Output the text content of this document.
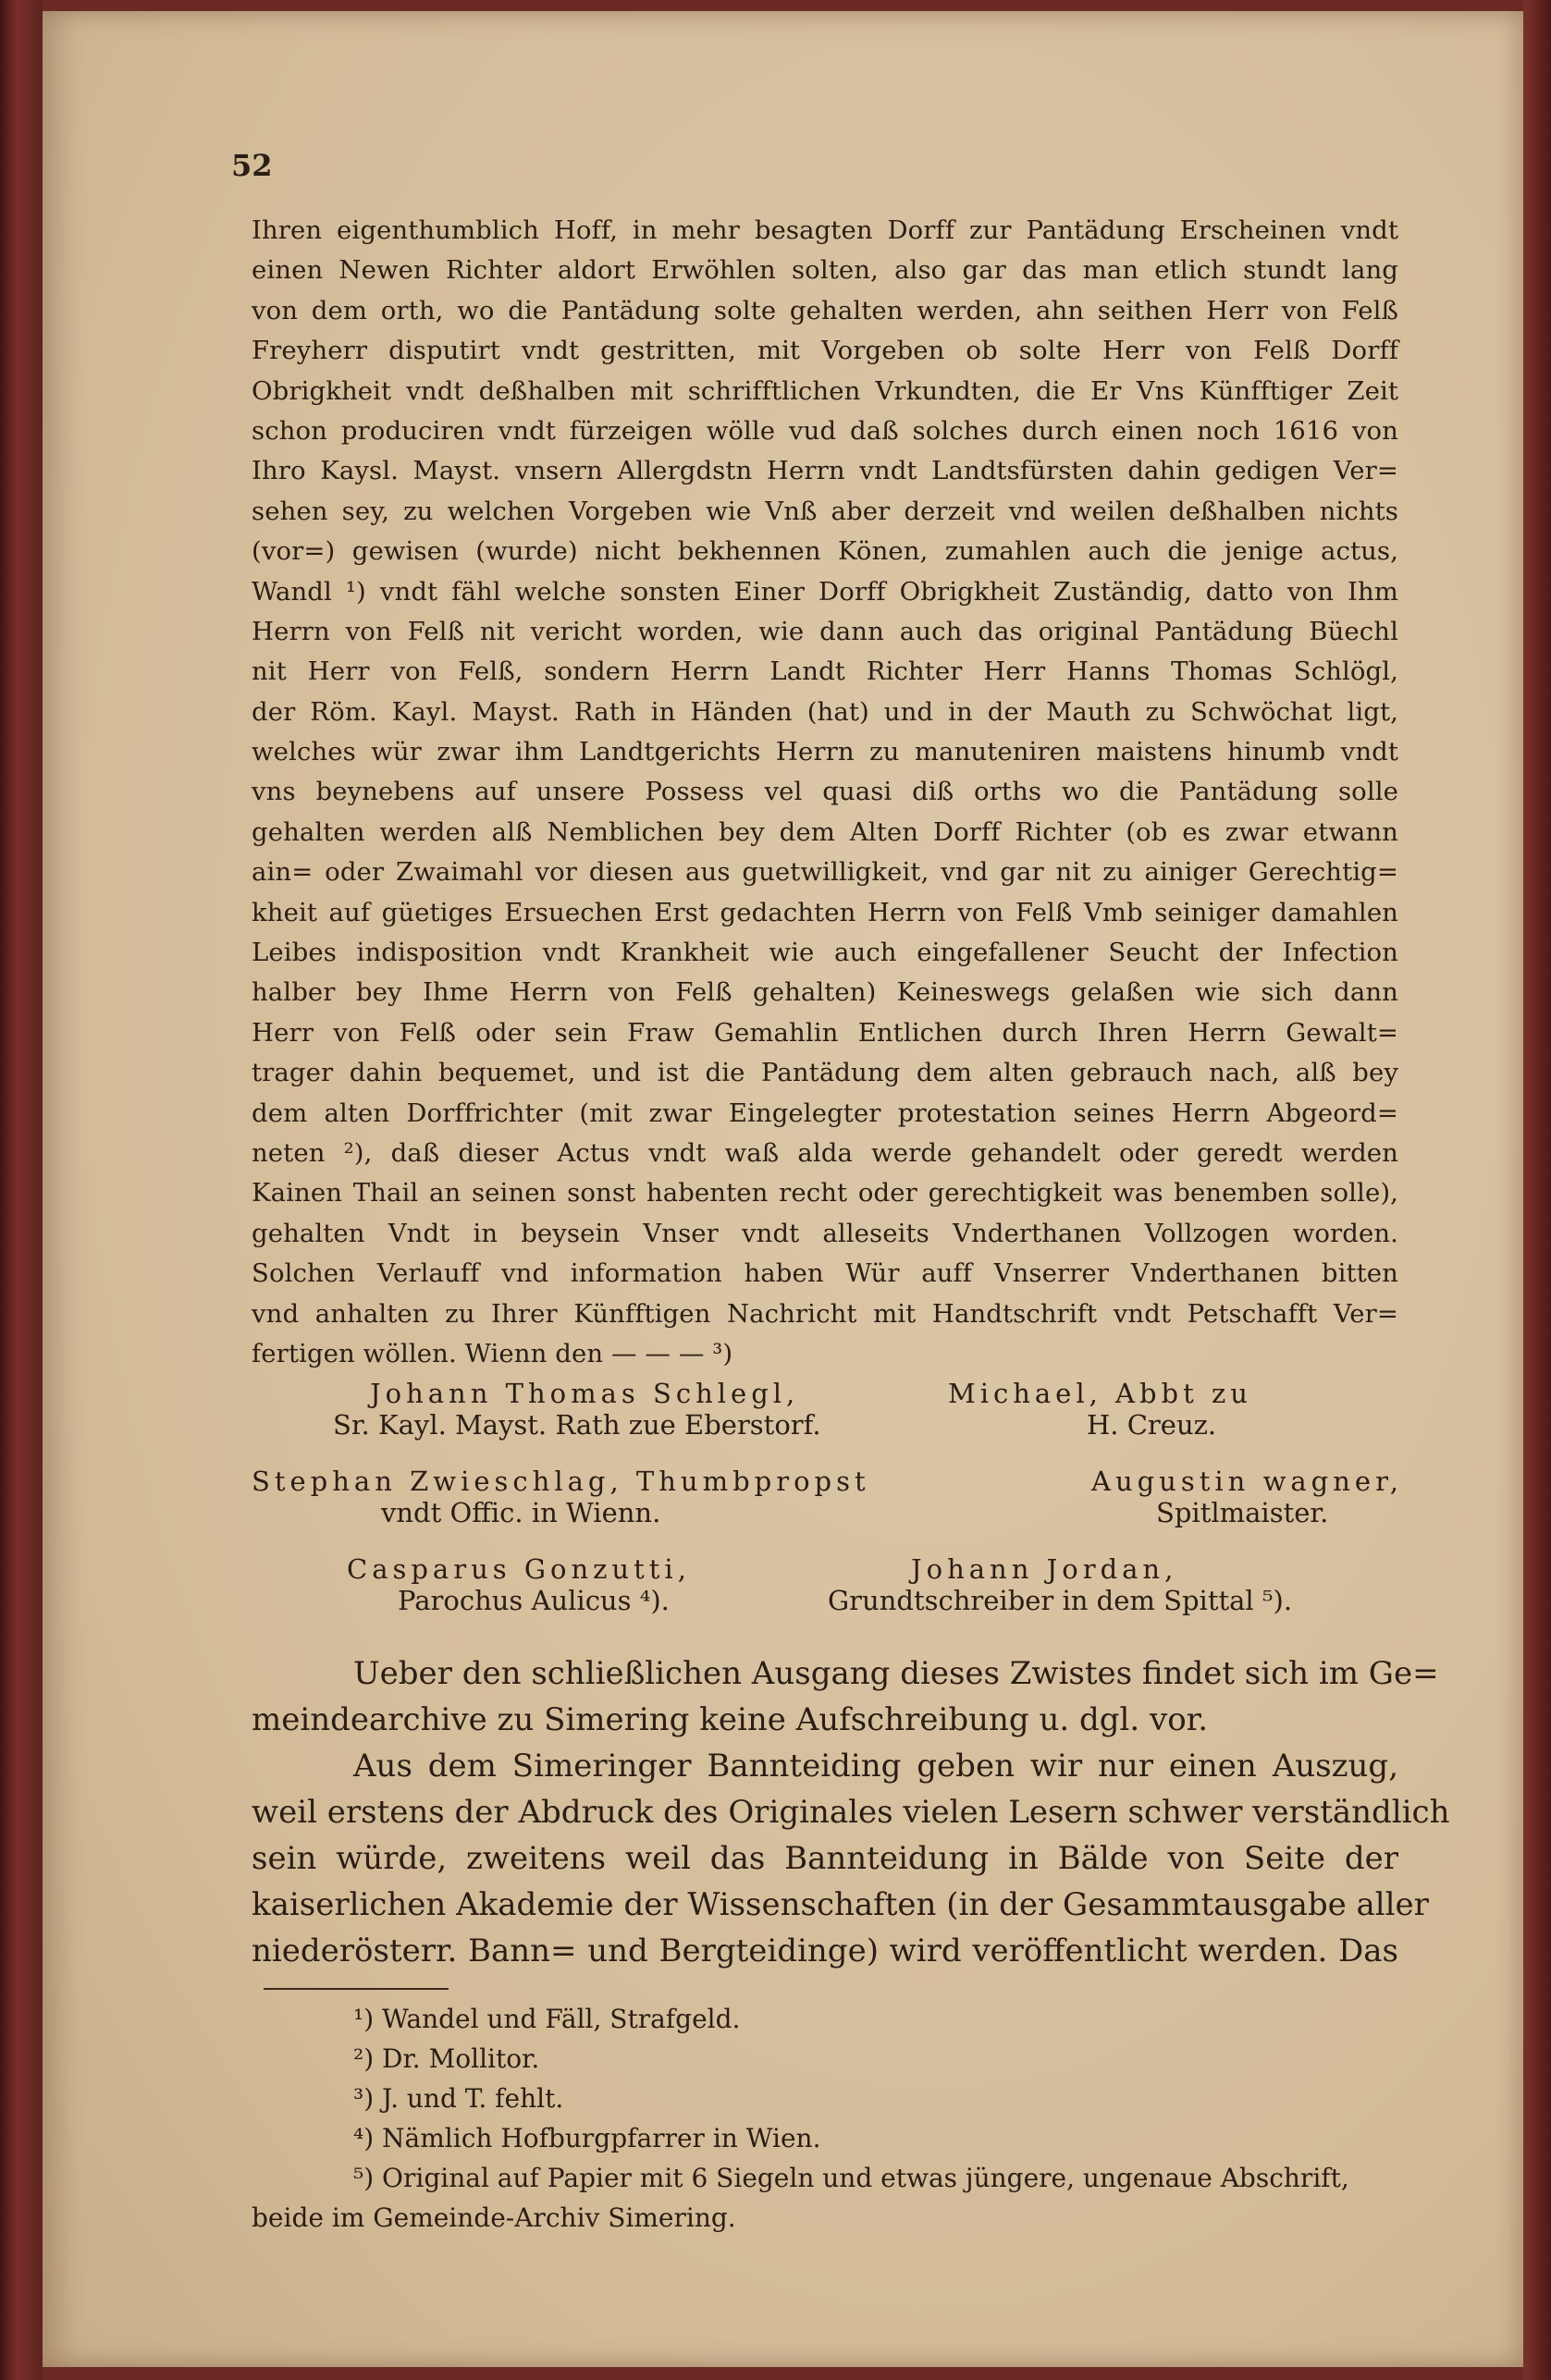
52
Ihren eigenthumblich Hoff, in mehr besagten Dorff zur Pantädung Erscheinen vndt
einen Newen Richter aldort Erwöhlen solten, also gar das man etlich stundt lang
von dem orth, wo die Pantädung solte gehalten werden, ahn seithen Herr von Felß
Freyherr disputirt vndt gestritten, mit Vorgeben ob solte Herr von Felß Dorff
Obrigkheit vndt deßhalben mit schrifftlichen Vrkundten, die Er Vns Künfftiger Zeit
schon produciren vndt fürzeigen wölle vud daß solches durch einen noch 1616 von
Ihro Kaysl. Mayst. vnsern Allergdstn Herrn vndt Landtsfürsten dahin gedigen Ver=
sehen sey, zu welchen Vorgeben wie Vnß aber derzeit vnd weilen deßhalben nichts
(vor=) gewisen (wurde) nicht bekhennen Könen, zumahlen auch die jenige actus,
Wandl ¹) vndt fähl welche sonsten Einer Dorff Obrigkheit Zuständig, datto von Ihm
Herrn von Felß nit vericht worden, wie dann auch das original Pantädung Büechl
nit Herr von Felß, sondern Herrn Landt Richter Herr Hanns Thomas Schlögl,
der Röm. Kayl. Mayst. Rath in Händen (hat) und in der Mauth zu Schwöchat ligt,
welches wür zwar ihm Landtgerichts Herrn zu manuteniren maistens hinumb vndt
vns beynebens auf unsere Possess vel quasi diß orths wo die Pantädung solle
gehalten werden alß Nemblichen bey dem Alten Dorff Richter (ob es zwar etwann
ain= oder Zwaimahl vor diesen aus guetwilligkeit, vnd gar nit zu ainiger Gerechtig=
kheit auf güetiges Ersuechen Erst gedachten Herrn von Felß Vmb seiniger damahlen
Leibes indisposition vndt Krankheit wie auch eingefallener Seucht der Infection
halber bey Ihme Herrn von Felß gehalten) Keineswegs gelaßen wie sich dann
Herr von Felß oder sein Fraw Gemahlin Entlichen durch Ihren Herrn Gewalt=
trager dahin bequemet, und ist die Pantädung dem alten gebrauch nach, alß bey
dem alten Dorffrichter (mit zwar Eingelegter protestation seines Herrn Abgeord=
neten ²), daß dieser Actus vndt waß alda werde gehandelt oder geredt werden
Kainen Thail an seinen sonst habenten recht oder gerechtigkeit was benemben solle),
gehalten Vndt in beysein Vnser vndt alleseits Vnderthanen Vollzogen worden.
Solchen Verlauff vnd information haben Wür auff Vnserrer Vnderthanen bitten
vnd anhalten zu Ihrer Künfftigen Nachricht mit Handtschrift vndt Petschafft Ver=
fertigen wöllen. Wienn den — — — ³)
Johann Thomas Schlegl,
Sr. Kayl. Mayst. Rath zue Eberstorf.
Michael, Abbt zu
H. Creuz.
Stephan Zwieschlag, Thumbpropst
vndt Offic. in Wienn.
Augustin wagner,
Spitlmaister.
Casparus Gonzutti,
Parochus Aulicus ⁴).
Johann Jordan,
Grundtschreiber in dem Spittal ⁵).
Ueber den schließlichen Ausgang dieses Zwistes findet sich im Ge=
meindearchive zu Simering keine Aufschreibung u. dgl. vor.
Aus dem Simeringer Bannteiding geben wir nur einen Auszug,
weil erstens der Abdruck des Originales vielen Lesern schwer verständlich
sein würde, zweitens weil das Bannteidung in Bälde von Seite der
kaiserlichen Akademie der Wissenschaften (in der Gesammtausgabe aller
niederösterr. Bann= und Bergteidinge) wird veröffentlicht werden. Das
¹) Wandel und Fäll, Strafgeld.
²) Dr. Mollitor.
³) J. und T. fehlt.
⁴) Nämlich Hofburgpfarrer in Wien.
⁵) Original auf Papier mit 6 Siegeln und etwas jüngere, ungenaue Abschrift,
beide im Gemeinde-Archiv Simering.
